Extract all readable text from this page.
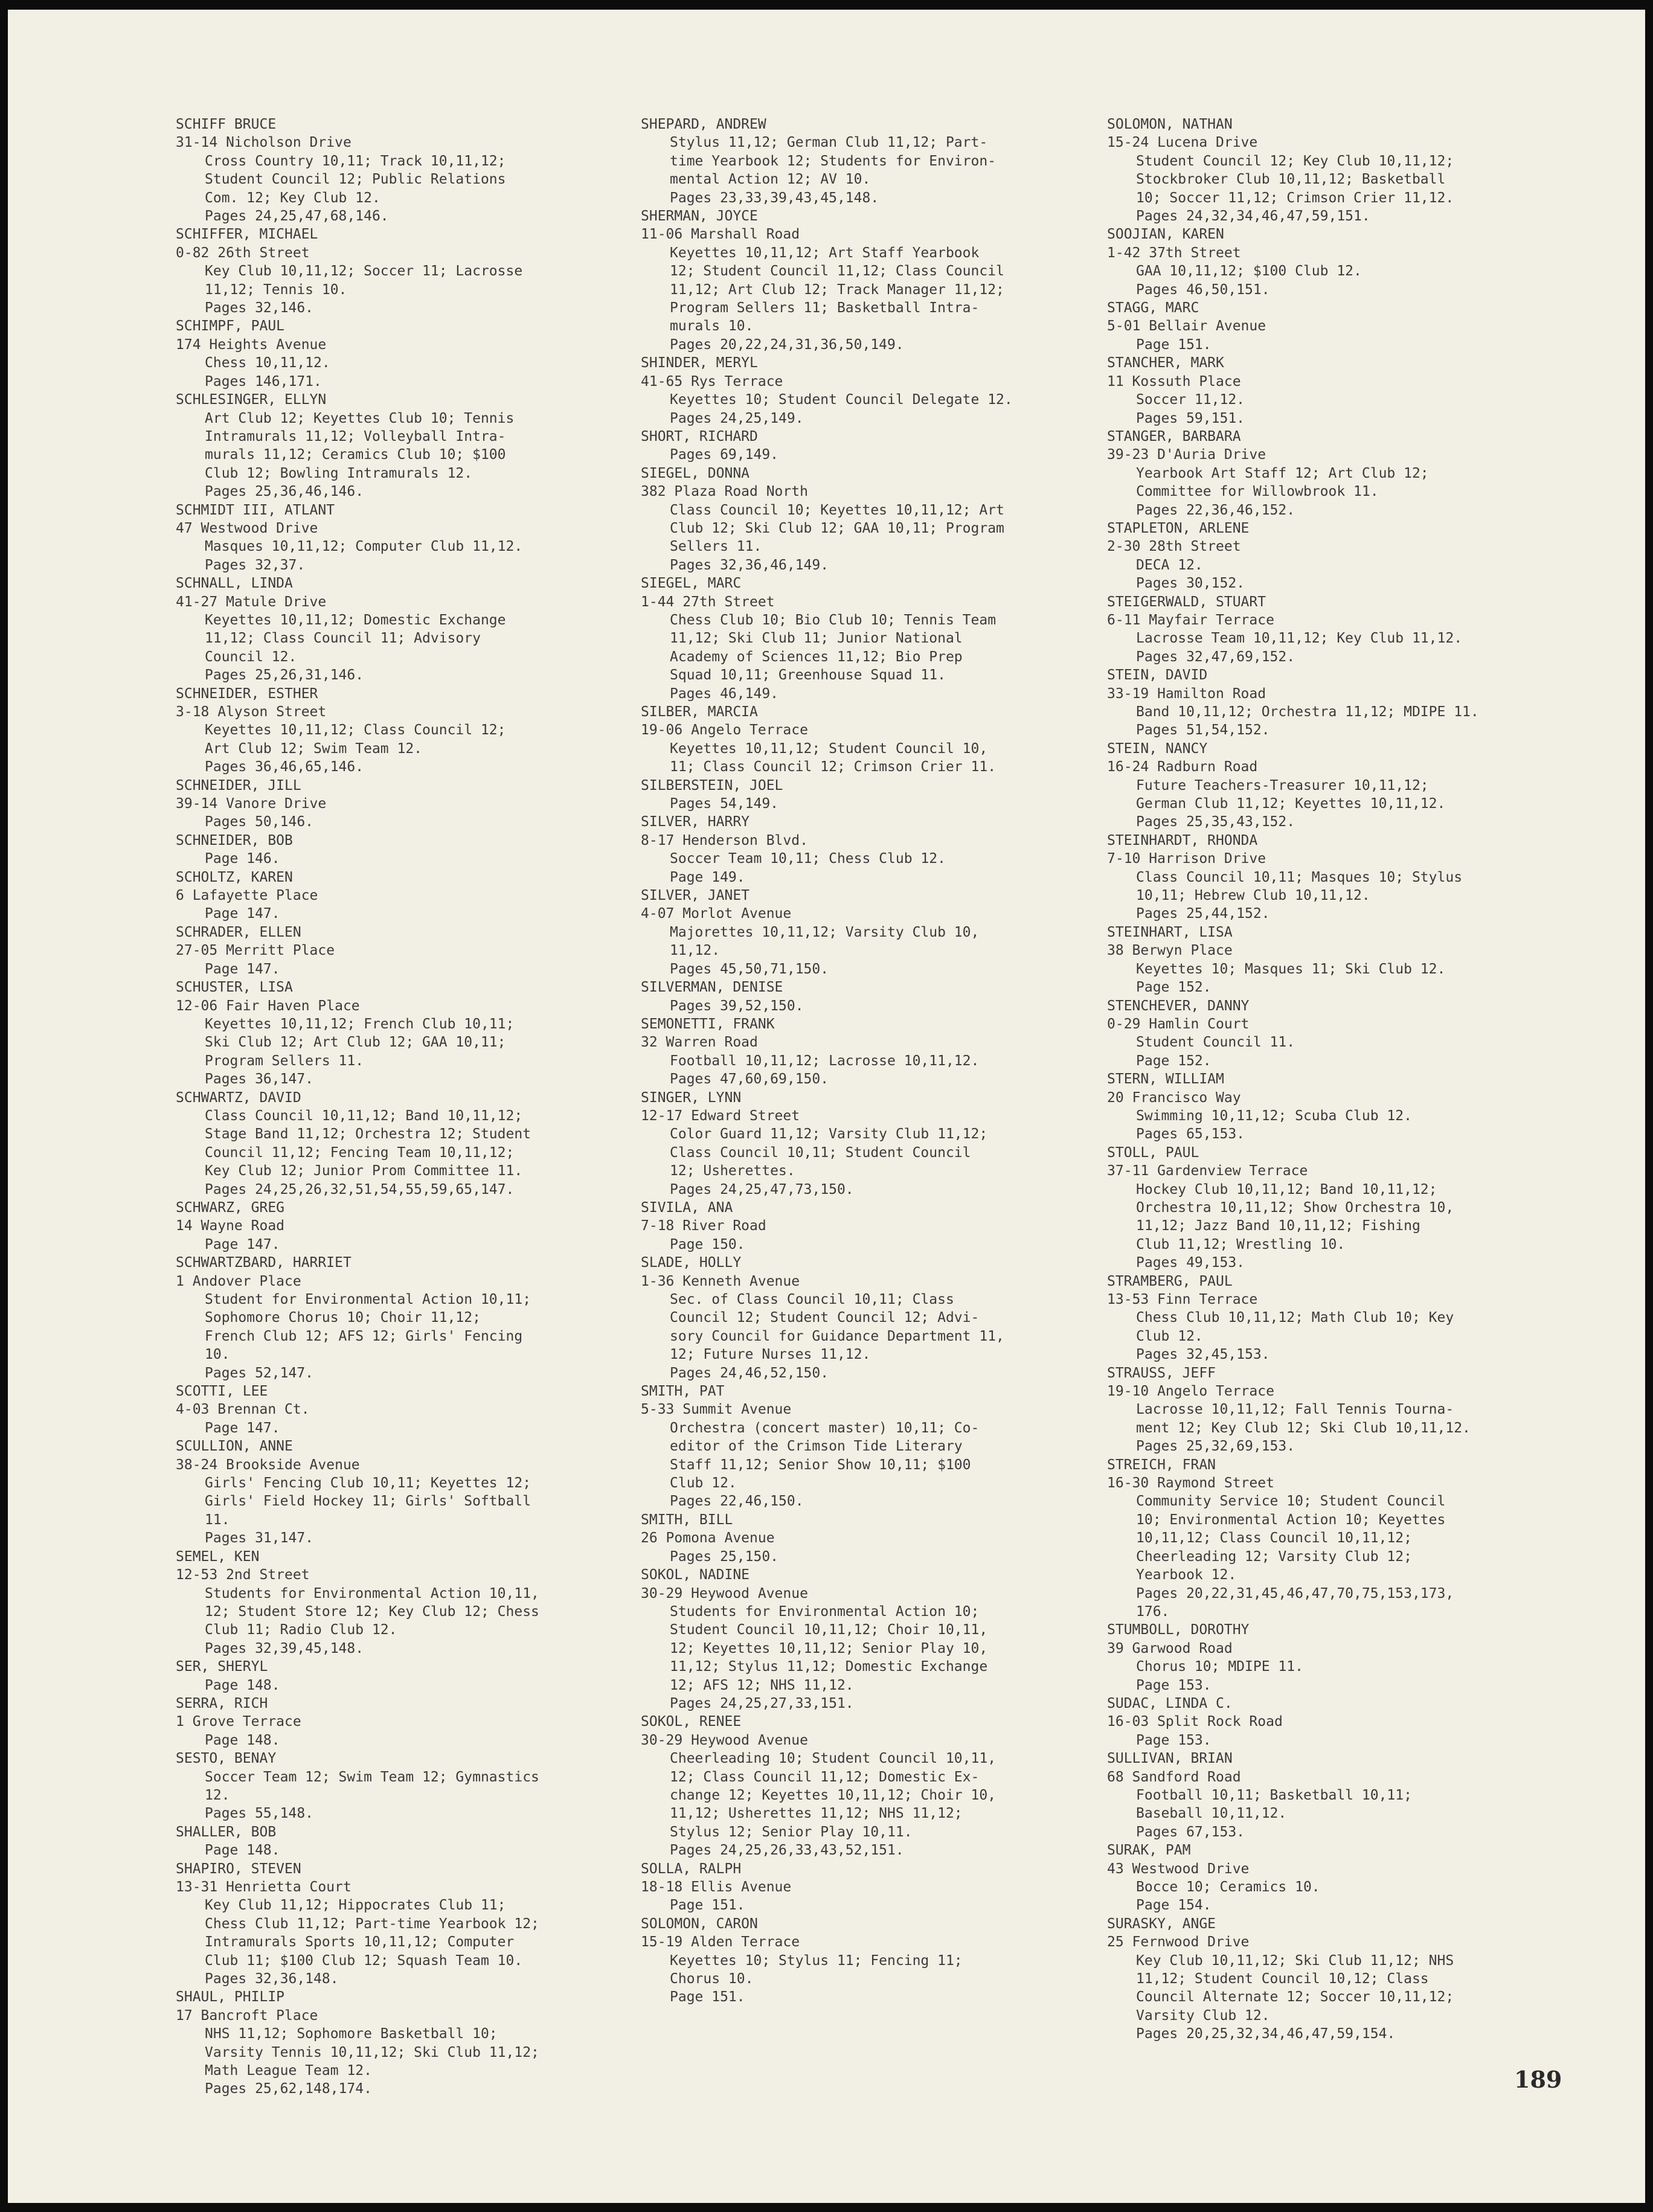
SCHIFF BRUCE
31-14 Nicholson Drive
Cross Country 10,11; Track 10,11,12;
Student Council 12; Public Relations
Com. 12; Key Club 12.
Pages 24,25,47,68,146.
SCHIFFER, MICHAEL
0-82 26th Street
Key Club 10,11,12; Soccer 11; Lacrosse
11,12; Tennis 10.
Pages 32,146.
SCHIMPF, PAUL
174 Heights Avenue
Chess 10,11,12.
Pages 146,171.
SCHLESINGER, ELLYN
Art Club 12; Keyettes Club 10; Tennis
Intramurals 11,12; Volleyball Intra-
murals 11,12; Ceramics Club 10; $100
Club 12; Bowling Intramurals 12.
Pages 25,36,46,146.
SCHMIDT III, ATLANT
47 Westwood Drive
Masques 10,11,12; Computer Club 11,12.
Pages 32,37.
SCHNALL, LINDA
41-27 Matule Drive
Keyettes 10,11,12; Domestic Exchange
11,12; Class Council 11; Advisory
Council 12.
Pages 25,26,31,146.
SCHNEIDER, ESTHER
3-18 Alyson Street
Keyettes 10,11,12; Class Council 12;
Art Club 12; Swim Team 12.
Pages 36,46,65,146.
SCHNEIDER, JILL
39-14 Vanore Drive
Pages 50,146.
SCHNEIDER, BOB
Page 146.
SCHOLTZ, KAREN
6 Lafayette Place
Page 147.
SCHRADER, ELLEN
27-05 Merritt Place
Page 147.
SCHUSTER, LISA
12-06 Fair Haven Place
Keyettes 10,11,12; French Club 10,11;
Ski Club 12; Art Club 12; GAA 10,11;
Program Sellers 11.
Pages 36,147.
SCHWARTZ, DAVID
Class Council 10,11,12; Band 10,11,12;
Stage Band 11,12; Orchestra 12; Student
Council 11,12; Fencing Team 10,11,12;
Key Club 12; Junior Prom Committee 11.
Pages 24,25,26,32,51,54,55,59,65,147.
SCHWARZ, GREG
14 Wayne Road
Page 147.
SCHWARTZBARD, HARRIET
1 Andover Place
Student for Environmental Action 10,11;
Sophomore Chorus 10; Choir 11,12;
French Club 12; AFS 12; Girls' Fencing
10.
Pages 52,147.
SCOTTI, LEE
4-03 Brennan Ct.
Page 147.
SCULLION, ANNE
38-24 Brookside Avenue
Girls' Fencing Club 10,11; Keyettes 12;
Girls' Field Hockey 11; Girls' Softball
11.
Pages 31,147.
SEMEL, KEN
12-53 2nd Street
Students for Environmental Action 10,11,
12; Student Store 12; Key Club 12; Chess
Club 11; Radio Club 12.
Pages 32,39,45,148.
SER, SHERYL
Page 148.
SERRA, RICH
1 Grove Terrace
Page 148.
SESTO, BENAY
Soccer Team 12; Swim Team 12; Gymnastics
12.
Pages 55,148.
SHALLER, BOB
Page 148.
SHAPIRO, STEVEN
13-31 Henrietta Court
Key Club 11,12; Hippocrates Club 11;
Chess Club 11,12; Part-time Yearbook 12;
Intramurals Sports 10,11,12; Computer
Club 11; $100 Club 12; Squash Team 10.
Pages 32,36,148.
SHAUL, PHILIP
17 Bancroft Place
NHS 11,12; Sophomore Basketball 10;
Varsity Tennis 10,11,12; Ski Club 11,12;
Math League Team 12.
Pages 25,62,148,174.
SHEPARD, ANDREW
Stylus 11,12; German Club 11,12; Part-
time Yearbook 12; Students for Environ-
mental Action 12; AV 10.
Pages 23,33,39,43,45,148.
SHERMAN, JOYCE
11-06 Marshall Road
Keyettes 10,11,12; Art Staff Yearbook
12; Student Council 11,12; Class Council
11,12; Art Club 12; Track Manager 11,12;
Program Sellers 11; Basketball Intra-
murals 10.
Pages 20,22,24,31,36,50,149.
SHINDER, MERYL
41-65 Rys Terrace
Keyettes 10; Student Council Delegate 12.
Pages 24,25,149.
SHORT, RICHARD
Pages 69,149.
SIEGEL, DONNA
382 Plaza Road North
Class Council 10; Keyettes 10,11,12; Art
Club 12; Ski Club 12; GAA 10,11; Program
Sellers 11.
Pages 32,36,46,149.
SIEGEL, MARC
1-44 27th Street
Chess Club 10; Bio Club 10; Tennis Team
11,12; Ski Club 11; Junior National
Academy of Sciences 11,12; Bio Prep
Squad 10,11; Greenhouse Squad 11.
Pages 46,149.
SILBER, MARCIA
19-06 Angelo Terrace
Keyettes 10,11,12; Student Council 10,
11; Class Council 12; Crimson Crier 11.
SILBERSTEIN, JOEL
Pages 54,149.
SILVER, HARRY
8-17 Henderson Blvd.
Soccer Team 10,11; Chess Club 12.
Page 149.
SILVER, JANET
4-07 Morlot Avenue
Majorettes 10,11,12; Varsity Club 10,
11,12.
Pages 45,50,71,150.
SILVERMAN, DENISE
Pages 39,52,150.
SEMONETTI, FRANK
32 Warren Road
Football 10,11,12; Lacrosse 10,11,12.
Pages 47,60,69,150.
SINGER, LYNN
12-17 Edward Street
Color Guard 11,12; Varsity Club 11,12;
Class Council 10,11; Student Council
12; Usherettes.
Pages 24,25,47,73,150.
SIVILA, ANA
7-18 River Road
Page 150.
SLADE, HOLLY
1-36 Kenneth Avenue
Sec. of Class Council 10,11; Class
Council 12; Student Council 12; Advi-
sory Council for Guidance Department 11,
12; Future Nurses 11,12.
Pages 24,46,52,150.
SMITH, PAT
5-33 Summit Avenue
Orchestra (concert master) 10,11; Co-
editor of the Crimson Tide Literary
Staff 11,12; Senior Show 10,11; $100
Club 12.
Pages 22,46,150.
SMITH, BILL
26 Pomona Avenue
Pages 25,150.
SOKOL, NADINE
30-29 Heywood Avenue
Students for Environmental Action 10;
Student Council 10,11,12; Choir 10,11,
12; Keyettes 10,11,12; Senior Play 10,
11,12; Stylus 11,12; Domestic Exchange
12; AFS 12; NHS 11,12.
Pages 24,25,27,33,151.
SOKOL, RENEE
30-29 Heywood Avenue
Cheerleading 10; Student Council 10,11,
12; Class Council 11,12; Domestic Ex-
change 12; Keyettes 10,11,12; Choir 10,
11,12; Usherettes 11,12; NHS 11,12;
Stylus 12; Senior Play 10,11.
Pages 24,25,26,33,43,52,151.
SOLLA, RALPH
18-18 Ellis Avenue
Page 151.
SOLOMON, CARON
15-19 Alden Terrace
Keyettes 10; Stylus 11; Fencing 11;
Chorus 10.
Page 151.
SOLOMON, NATHAN
15-24 Lucena Drive
Student Council 12; Key Club 10,11,12;
Stockbroker Club 10,11,12; Basketball
10; Soccer 11,12; Crimson Crier 11,12.
Pages 24,32,34,46,47,59,151.
SOOJIAN, KAREN
1-42 37th Street
GAA 10,11,12; $100 Club 12.
Pages 46,50,151.
STAGG, MARC
5-01 Bellair Avenue
Page 151.
STANCHER, MARK
11 Kossuth Place
Soccer 11,12.
Pages 59,151.
STANGER, BARBARA
39-23 D'Auria Drive
Yearbook Art Staff 12; Art Club 12;
Committee for Willowbrook 11.
Pages 22,36,46,152.
STAPLETON, ARLENE
2-30 28th Street
DECA 12.
Pages 30,152.
STEIGERWALD, STUART
6-11 Mayfair Terrace
Lacrosse Team 10,11,12; Key Club 11,12.
Pages 32,47,69,152.
STEIN, DAVID
33-19 Hamilton Road
Band 10,11,12; Orchestra 11,12; MDIPE 11.
Pages 51,54,152.
STEIN, NANCY
16-24 Radburn Road
Future Teachers-Treasurer 10,11,12;
German Club 11,12; Keyettes 10,11,12.
Pages 25,35,43,152.
STEINHARDT, RHONDA
7-10 Harrison Drive
Class Council 10,11; Masques 10; Stylus
10,11; Hebrew Club 10,11,12.
Pages 25,44,152.
STEINHART, LISA
38 Berwyn Place
Keyettes 10; Masques 11; Ski Club 12.
Page 152.
STENCHEVER, DANNY
0-29 Hamlin Court
Student Council 11.
Page 152.
STERN, WILLIAM
20 Francisco Way
Swimming 10,11,12; Scuba Club 12.
Pages 65,153.
STOLL, PAUL
37-11 Gardenview Terrace
Hockey Club 10,11,12; Band 10,11,12;
Orchestra 10,11,12; Show Orchestra 10,
11,12; Jazz Band 10,11,12; Fishing
Club 11,12; Wrestling 10.
Pages 49,153.
STRAMBERG, PAUL
13-53 Finn Terrace
Chess Club 10,11,12; Math Club 10; Key
Club 12.
Pages 32,45,153.
STRAUSS, JEFF
19-10 Angelo Terrace
Lacrosse 10,11,12; Fall Tennis Tourna-
ment 12; Key Club 12; Ski Club 10,11,12.
Pages 25,32,69,153.
STREICH, FRAN
16-30 Raymond Street
Community Service 10; Student Council
10; Environmental Action 10; Keyettes
10,11,12; Class Council 10,11,12;
Cheerleading 12; Varsity Club 12;
Yearbook 12.
Pages 20,22,31,45,46,47,70,75,153,173,
176.
STUMBOLL, DOROTHY
39 Garwood Road
Chorus 10; MDIPE 11.
Page 153.
SUDAC, LINDA C.
16-03 Split Rock Road
Page 153.
SULLIVAN, BRIAN
68 Sandford Road
Football 10,11; Basketball 10,11;
Baseball 10,11,12.
Pages 67,153.
SURAK, PAM
43 Westwood Drive
Bocce 10; Ceramics 10.
Page 154.
SURASKY, ANGE
25 Fernwood Drive
Key Club 10,11,12; Ski Club 11,12; NHS
11,12; Student Council 10,12; Class
Council Alternate 12; Soccer 10,11,12;
Varsity Club 12.
Pages 20,25,32,34,46,47,59,154.
189
